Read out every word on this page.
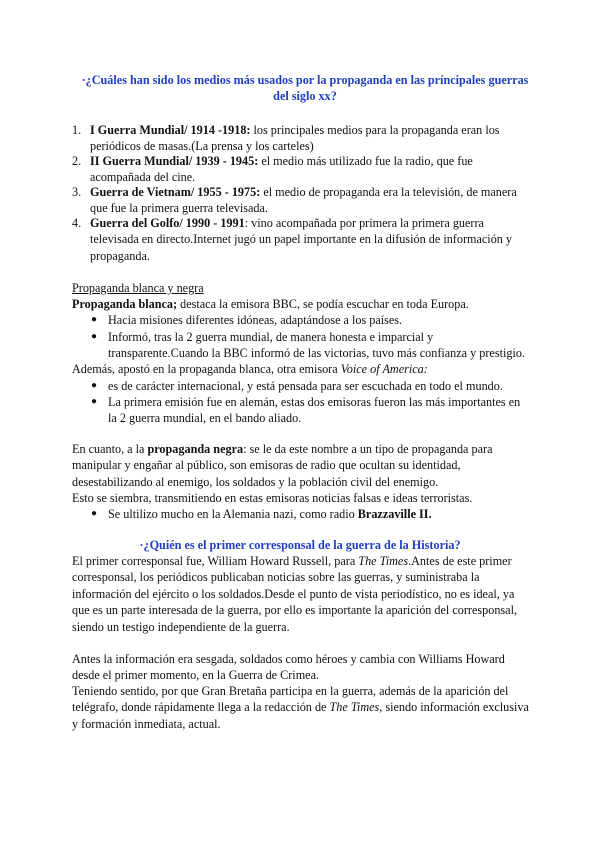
·¿Cuáles han sido los medios más usados por la propaganda en las príncipales guerras
del siglo xx?
1. I Guerra Mundial/ 1914 -1918: los principales medios para la propaganda eran los periódicos de masas.(La prensa y los carteles)
2. II Guerra Mundial/ 1939 - 1945: el medio más utilizado fue la radio, que fue acompañada del cine.
3. Guerra de Vietnam/ 1955 - 1975: el medio de propaganda era la televisión, de manera que fue la primera guerra televisada.
4. Guerra del Golfo/ 1990 - 1991: vino acompañada por primera la primera guerra televisada en directo.Internet jugó un papel importante en la difusión de información y propaganda.
Propaganda blanca y negra
Propaganda blanca; destaca la emisora BBC, se podía escuchar en toda Europa.
● Hacia misiones diferentes idóneas, adaptándose a los países.
● Informó, tras la 2 guerra mundial, de manera honesta e imparcial y transparente.Cuando la BBC informó de las victorias, tuvo más confianza y prestigio.
Además, apostó en la propaganda blanca, otra emisora Voice of America:
● es de carácter internacional, y está pensada para ser escuchada en todo el mundo.
● La primera emisión fue en alemán, estas dos emisoras fueron las más importantes en la 2 guerra mundial, en el bando aliado.
En cuanto, a la propaganda negra: se le da este nombre a un tipo de propaganda para manipular y engañar al público, son emisoras de radio que ocultan su identidad, desestabilizando al enemigo, los soldados y la población civil del enemigo.
Esto se siembra, transmitiendo en estas emisoras noticias falsas e ideas terroristas.
● Se ultilizo mucho en la Alemania nazi, como radio Brazzaville II.
·¿Quién es el primer corresponsal de la guerra de la Historia?
El primer corresponsal fue, William Howard Russell, para The Times.Antes de este primer corresponsal, los periódicos publicaban noticias sobre las guerras, y suministraba la información del ejército o los soldados.Desde el punto de vista periodístico, no es ideal, ya que es un parte interesada de la guerra, por ello es importante la aparición del corresponsal, siendo un testigo independiente de la guerra.
Antes la información era sesgada, soldados como héroes y cambia con Williams Howard desde el primer momento, en la Guerra de Crimea.
Teniendo sentido, por que Gran Bretaña participa en la guerra, además de la aparición del telégrafo, donde rápidamente llega a la redacción de The Times, siendo información exclusiva y formación inmediata, actual.
